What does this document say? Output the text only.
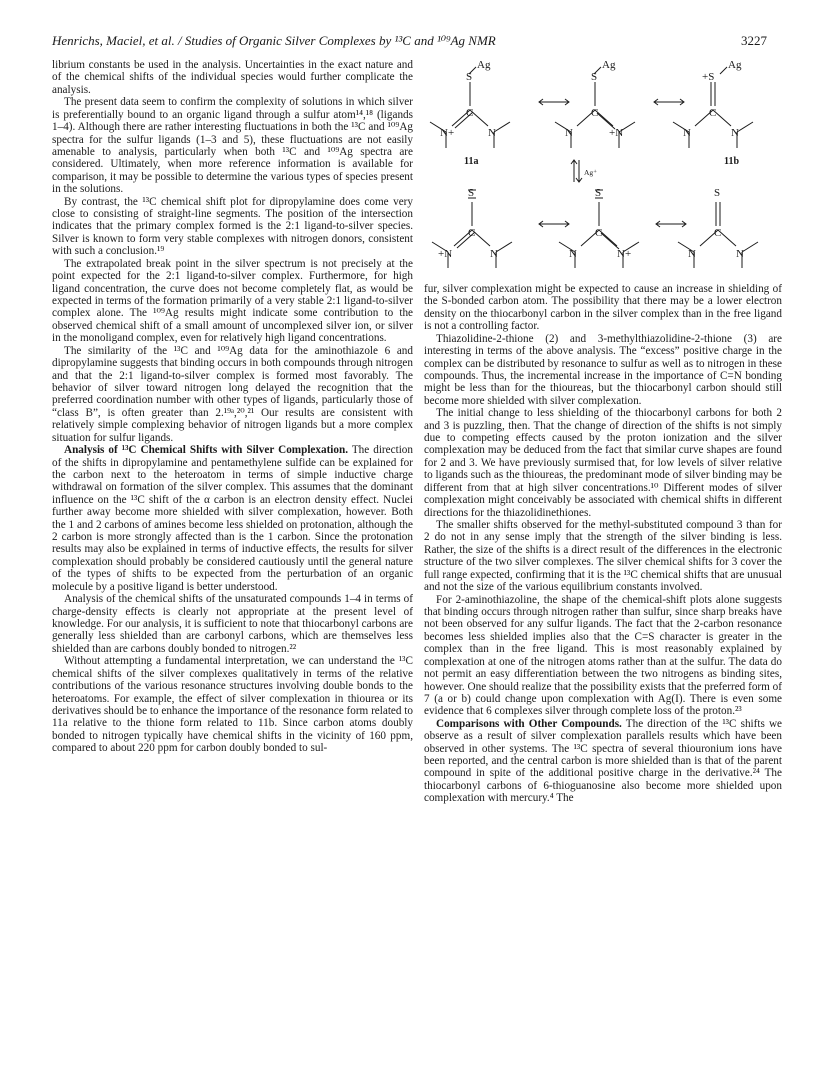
Henrichs, Maciel, et al. / Studies of Organic Silver Complexes by ¹³C and ¹⁰⁹Ag NMR	3227
Ag
S
C
N+	N
Ag
S
C
N	+N
Ag
+S
C
N	N
11a	11b
Ag⁺
S
C
+N	N
S
C
N	N+
S
C
N	N

librium constants be used in the analysis. Uncertainties in the exact nature and of the chemical shifts of the individual species would further complicate the analysis.

The present data seem to confirm the complexity of solutions in which silver is preferentially bound to an organic ligand through a sulfur atom¹⁴,¹⁸ (ligands 1–4). Although there are rather interesting fluctuations in both the ¹³C and ¹⁰⁹Ag spectra for the sulfur ligands (1–3 and 5), these fluctuations are not easily amenable to analysis, particularly when both ¹³C and ¹⁰⁹Ag spectra are considered. Ultimately, when more reference information is available for comparison, it may be possible to determine the various types of species present in the solutions.

By contrast, the ¹³C chemical shift plot for dipropylamine does come very close to consisting of straight-line segments. The position of the intersection indicates that the primary complex formed is the 2:1 ligand-to-silver species. Silver is known to form very stable complexes with nitrogen donors, consistent with such a conclusion.¹⁹

The extrapolated break point in the silver spectrum is not precisely at the point expected for the 2:1 ligand-to-silver complex. Furthermore, for high ligand concentration, the curve does not become completely flat, as would be expected in terms of the formation primarily of a very stable 2:1 ligand-to-silver complex alone. The ¹⁰⁹Ag results might indicate some contribution to the observed chemical shift of a small amount of uncomplexed silver ion, or silver in the monoligand complex, even for relatively high ligand concentrations.

The similarity of the ¹³C and ¹⁰⁹Ag data for the aminothiazole 6 and dipropylamine suggests that binding occurs in both compounds through nitrogen and that the 2:1 ligand-to-silver complex is formed most favorably. The behavior of silver toward nitrogen long delayed the recognition that the preferred coordination number with other types of ligands, particularly those of “class B”, is often greater than 2.¹⁹ᵃ,²⁰,²¹ Our results are consistent with relatively simple complexing behavior of nitrogen ligands but a more complex situation for sulfur ligands.

Analysis of ¹³C Chemical Shifts with Silver Complexation. The direction of the shifts in dipropylamine and pentamethylene sulfide can be explained for the carbon next to the heteroatom in terms of simple inductive charge withdrawal on formation of the silver complex. This assumes that the dominant influence on the ¹³C shift of the α carbon is an electron density effect. Nuclei further away become more shielded with silver complexation, however. Both the 1 and 2 carbons of amines become less shielded on protonation, although the 2 carbon is more strongly affected than is the 1 carbon. Since the protonation results may also be explained in terms of inductive effects, the results for silver complexation should probably be considered cautiously until the general nature of the types of shifts to be expected from the perturbation of an organic molecule by a positive ligand is better understood.

Analysis of the chemical shifts of the unsaturated compounds 1–4 in terms of charge-density effects is clearly not appropriate at the present level of knowledge. For our analysis, it is sufficient to note that thiocarbonyl carbons are generally less shielded than are carbonyl carbons, which are themselves less shielded than are carbons doubly bonded to nitrogen.²²

Without attempting a fundamental interpretation, we can understand the ¹³C chemical shifts of the silver complexes qualitatively in terms of the relative contributions of the various resonance structures involving double bonds to the heteroatoms. For example, the effect of silver complexation in thiourea or its derivatives should be to enhance the importance of the resonance form related to 11a relative to the thione form related to 11b. Since carbon atoms doubly bonded to nitrogen typically have chemical shifts in the vicinity of 160 ppm, compared to about 220 ppm for carbon doubly bonded to sul-

fur, silver complexation might be expected to cause an increase in shielding of the S-bonded carbon atom. The possibility that there may be a lower electron density on the thiocarbonyl carbon in the silver complex than in the free ligand is not a controlling factor.

Thiazolidine-2-thione (2) and 3-methylthiazolidine-2-thione (3) are interesting in terms of the above analysis. The “excess” positive charge in the complex can be distributed by resonance to sulfur as well as to nitrogen in these compounds. Thus, the incremental increase in the importance of C=N bonding might be less than for the thioureas, but the thiocarbonyl carbon should still become more shielded with silver complexation.

The initial change to less shielding of the thiocarbonyl carbons for both 2 and 3 is puzzling, then. That the change of direction of the shifts is not simply due to competing effects caused by the proton ionization and the silver complexation may be deduced from the fact that similar curve shapes are found for 2 and 3. We have previously surmised that, for low levels of silver relative to ligands such as the thioureas, the predominant mode of silver binding may be different from that at high silver concentrations.¹⁰ Different modes of silver complexation might conceivably be associated with chemical shifts in different directions for the thiazolidinethiones.

The smaller shifts observed for the methyl-substituted compound 3 than for 2 do not in any sense imply that the strength of the silver binding is less. Rather, the size of the shifts is a direct result of the differences in the electronic structure of the two silver complexes. The silver chemical shifts for 3 cover the full range expected, confirming that it is the ¹³C chemical shifts that are unusual and not the size of the various equilibrium constants involved.

For 2-aminothiazoline, the shape of the chemical-shift plots alone suggests that binding occurs through nitrogen rather than sulfur, since sharp breaks have not been observed for any sulfur ligands. The fact that the 2-carbon resonance becomes less shielded implies also that the C=S character is greater in the complex than in the free ligand. This is most reasonably explained by complexation at one of the nitrogen atoms rather than at the sulfur. The data do not permit an easy differentiation between the two nitrogens as binding sites, however. One should realize that the possibility exists that the preferred form of 7 (a or b) could change upon complexation with Ag(I). There is even some evidence that 6 complexes silver through complete loss of the proton.²³

Comparisons with Other Compounds. The direction of the ¹³C shifts we observe as a result of silver complexation parallels results which have been observed in other systems. The ¹³C spectra of several thiouronium ions have been reported, and the central carbon is more shielded than is that of the parent compound in spite of the additional positive charge in the derivative.²⁴ The thiocarbonyl carbons of 6-thioguanosine also become more shielded upon complexation with mercury.⁴ The
